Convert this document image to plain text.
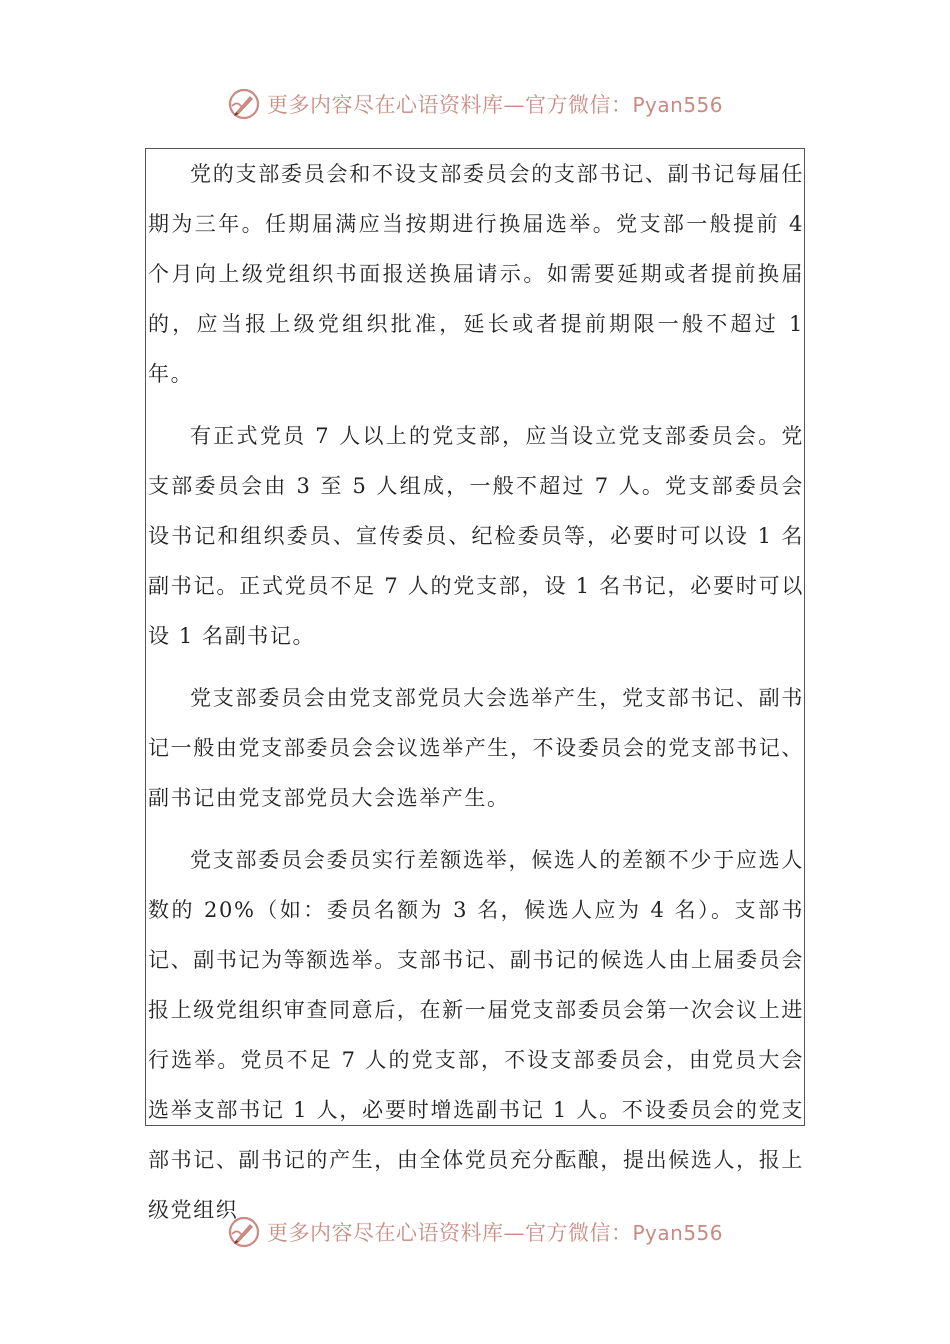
更多内容尽在心语资料库—官方微信：Pyan556

党的支部委员会和不设支部委员会的支部书记、副书记每届任期为三年。任期届满应当按期进行换届选举。党支部一般提前 4 个月向上级党组织书面报送换届请示。如需要延期或者提前换届的，应当报上级党组织批准，延长或者提前期限一般不超过 1 年。

有正式党员 7 人以上的党支部，应当设立党支部委员会。党支部委员会由 3 至 5 人组成，一般不超过 7 人。党支部委员会设书记和组织委员、宣传委员、纪检委员等，必要时可以设 1 名副书记。正式党员不足 7 人的党支部，设 1 名书记，必要时可以设 1 名副书记。

党支部委员会由党支部党员大会选举产生，党支部书记、副书记一般由党支部委员会会议选举产生，不设委员会的党支部书记、副书记由党支部党员大会选举产生。

党支部委员会委员实行差额选举，候选人的差额不少于应选人数的 20%（如：委员名额为 3 名，候选人应为 4 名）。支部书记、副书记为等额选举。支部书记、副书记的候选人由上届委员会报上级党组织审查同意后，在新一届党支部委员会第一次会议上进行选举。党员不足 7 人的党支部，不设支部委员会，由党员大会选举支部书记 1 人，必要时增选副书记 1 人。不设委员会的党支部书记、副书记的产生，由全体党员充分酝酿，提出候选人，报上级党组织

更多内容尽在心语资料库—官方微信：Pyan556
